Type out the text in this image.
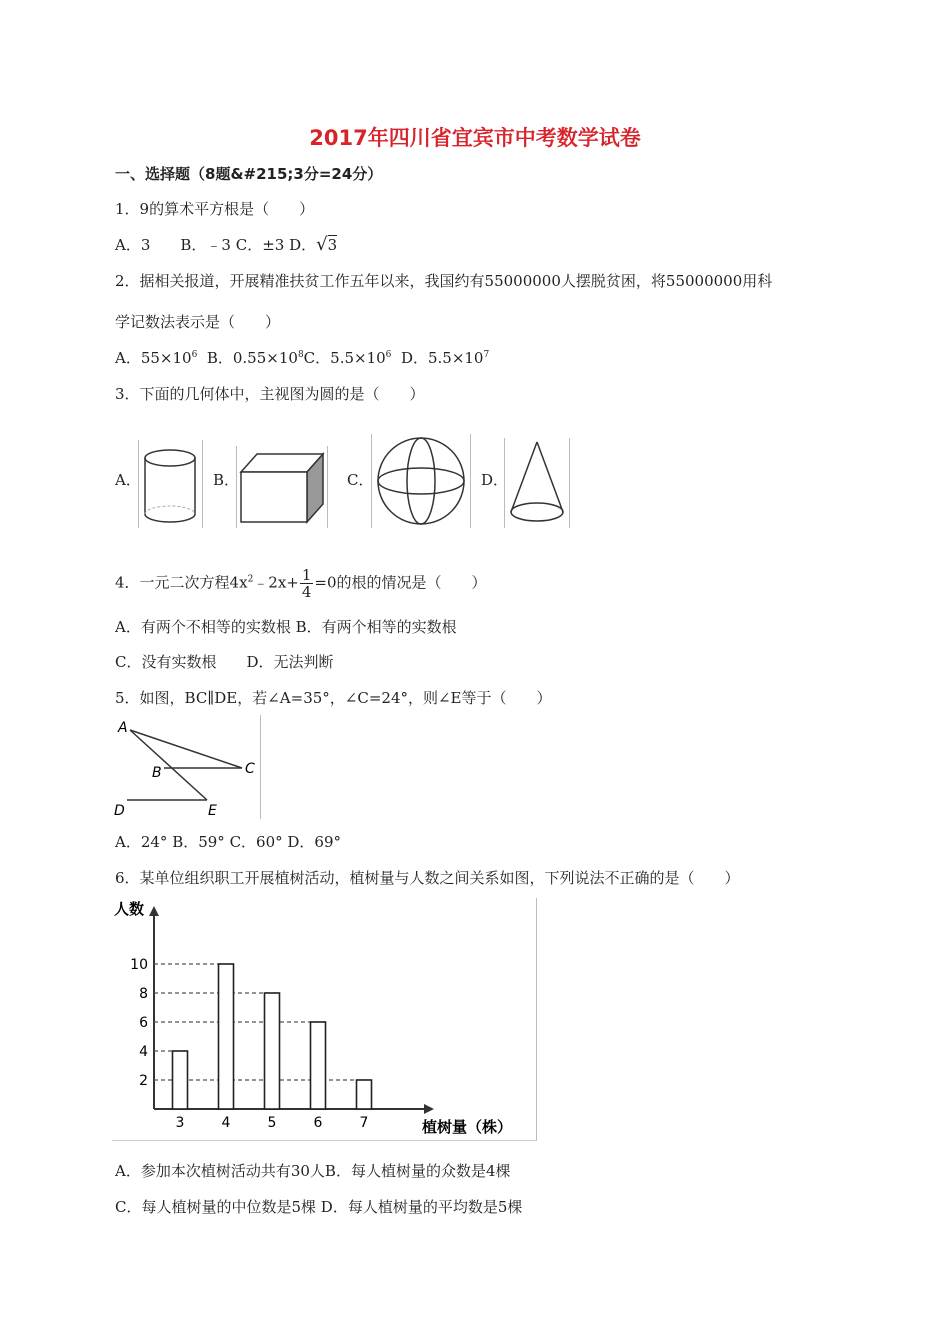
2017年四川省宜宾市中考数学试卷
一、选择题（8题&#215;3分=24分）
1．9的算术平方根是（　　）
A．3　　B．﹣3 C．±3 D．√3
2．据相关报道，开展精准扶贫工作五年以来，我国约有55000000人摆脱贫困，将55000000用科
学记数法表示是（　　）
A．$55\times 10^6$  B．$0.55\times 10^8C$．$5.5\times 10^6$  D．$5.5\times 10^7$
3．下面的几何体中，主视图为圆的是（　　）
A．	B．	C．	D．
4．一元二次方程$4x^2﹣2x+ \frac{1}{4} =0$的根的情况是（　　）
A．有两个不相等的实数根 B．有两个相等的实数根
C．没有实数根　　D．无法判断
5．如图，BC∥DE，若∠A=35°，∠C=24°，则∠E等于（　　）
A
B	C
D	E
A．24° B．59° C．60° D．69°
6．某单位组织职工开展植树活动，植树量与人数之间关系如图，下列说法不正确的是（　　）
2
4
6
8
10
3	4	5	6	7
人数
植树量（株）
A．参加本次植树活动共有30人B．每人植树量的众数是4棵
C．每人植树量的中位数是5棵 D．每人植树量的平均数是5棵
